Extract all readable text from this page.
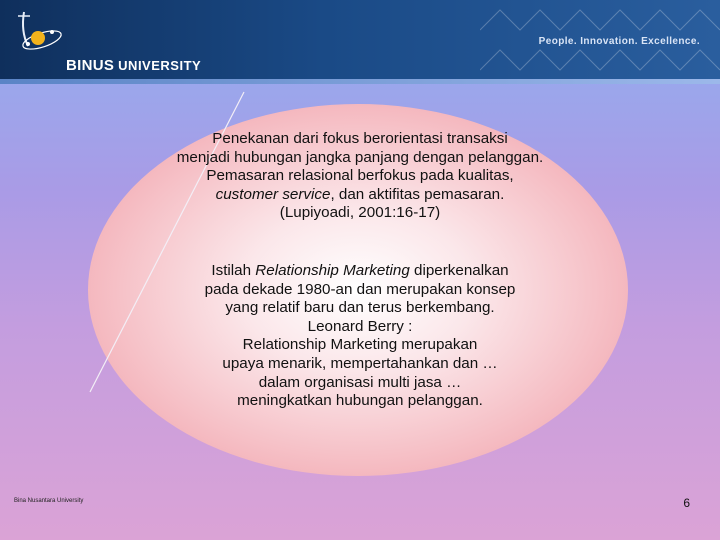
BINUS UNIVERSITY
People. Innovation. Excellence.
Penekanan dari fokus berorientasi transaksi
menjadi hubungan jangka panjang dengan pelanggan.
Pemasaran relasional berfokus pada kualitas,
customer service, dan aktifitas pemasaran.
(Lupiyoadi, 2001:16-17)
Istilah Relationship Marketing diperkenalkan
pada dekade 1980-an dan merupakan konsep
yang relatif baru dan terus berkembang.
Leonard Berry :
Relationship Marketing merupakan
upaya menarik, mempertahankan dan …
dalam organisasi multi jasa …
meningkatkan hubungan pelanggan.
Bina Nusantara University	6
